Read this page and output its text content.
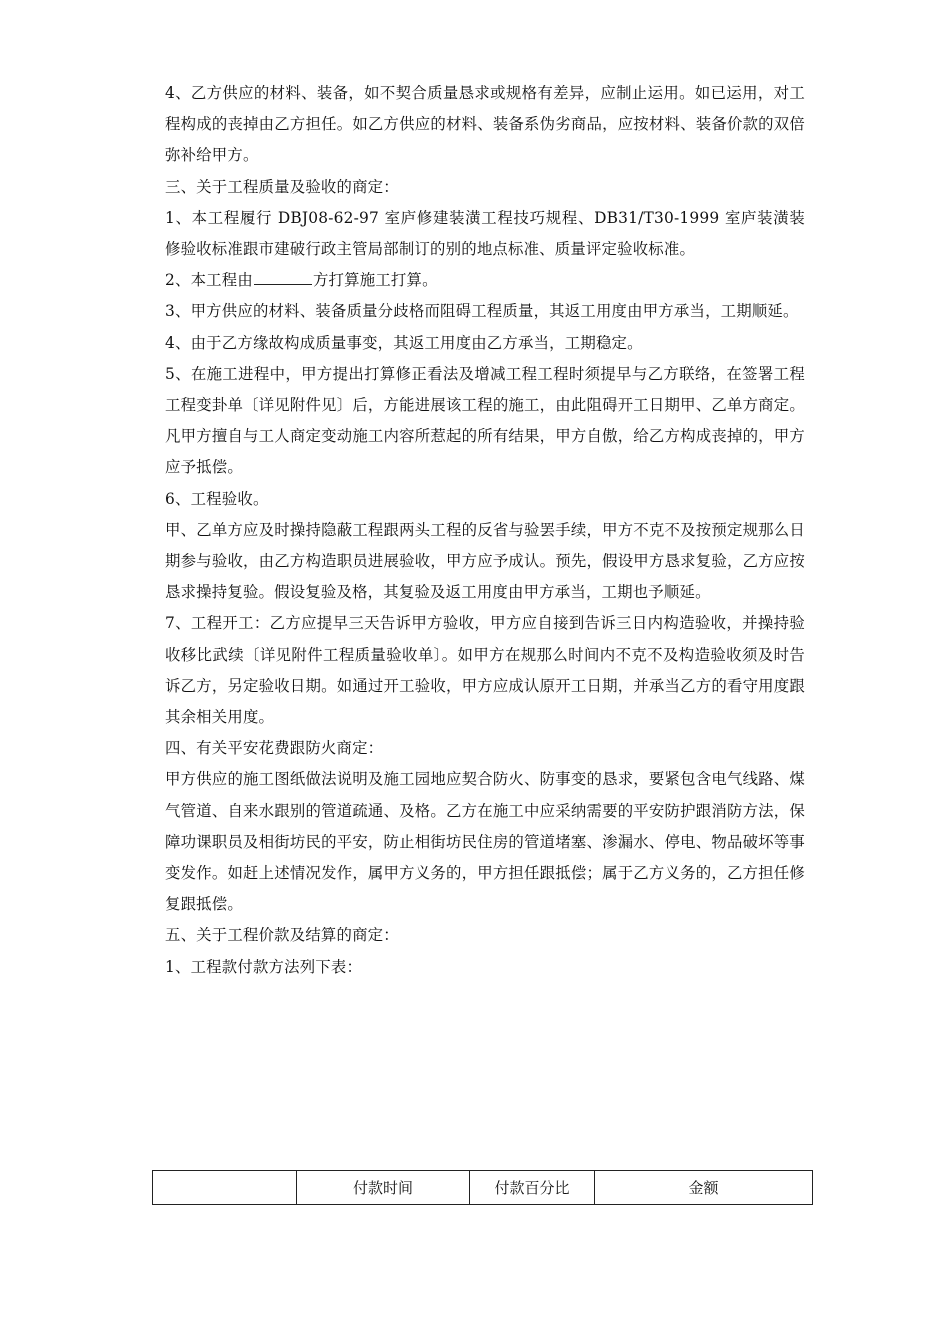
4、乙方供应的材料、装备，如不契合质量恳求或规格有差异，应制止运用。如已运用，对工程构成的丧掉由乙方担任。如乙方供应的材料、装备系伪劣商品，应按材料、装备价款的双倍弥补给甲方。

三、关于工程质量及验收的商定：

1、本工程履行 DBJ08-62-97 室庐修建装潢工程技巧规程、DB31/T30-1999 室庐装潢装修验收标准跟市建破行政主管局部制订的别的地点标准、质量评定验收标准。

2、本工程由	方打算施工打算。

3、甲方供应的材料、装备质量分歧格而阻碍工程质量，其返工用度由甲方承当，工期顺延。

4、由于乙方缘故构成质量事变，其返工用度由乙方承当，工期稳定。

5、在施工进程中，甲方提出打算修正看法及增减工程工程时须提早与乙方联络，在签署工程工程变卦单〔详见附件见〕后，方能进展该工程的施工，由此阻碍开工日期甲、乙单方商定。凡甲方擅自与工人商定变动施工内容所惹起的所有结果，甲方自傲，给乙方构成丧掉的，甲方应予抵偿。

6、工程验收。

甲、乙单方应及时操持隐蔽工程跟两头工程的反省与验罢手续，甲方不克不及按预定规那么日期参与验收，由乙方构造职员进展验收，甲方应予成认。预先，假设甲方恳求复验，乙方应按恳求操持复验。假设复验及格，其复验及返工用度由甲方承当，工期也予顺延。

7、工程开工：乙方应提早三天告诉甲方验收，甲方应自接到告诉三日内构造验收，并操持验收移比武续〔详见附件工程质量验收单〕。如甲方在规那么时间内不克不及构造验收须及时告诉乙方，另定验收日期。如通过开工验收，甲方应成认原开工日期，并承当乙方的看守用度跟其余相关用度。

四、有关平安花费跟防火商定：

甲方供应的施工图纸做法说明及施工园地应契合防火、防事变的恳求，要紧包含电气线路、煤气管道、自来水跟别的管道疏通、及格。乙方在施工中应采纳需要的平安防护跟消防方法，保障功课职员及相街坊民的平安，防止相街坊民住房的管道堵塞、渗漏水、停电、物品破坏等事变发作。如赶上述情况发作，属甲方义务的，甲方担任跟抵偿；属于乙方义务的，乙方担任修复跟抵偿。

五、关于工程价款及结算的商定：

1、工程款付款方法列下表：

	付款时间	付款百分比	金额
